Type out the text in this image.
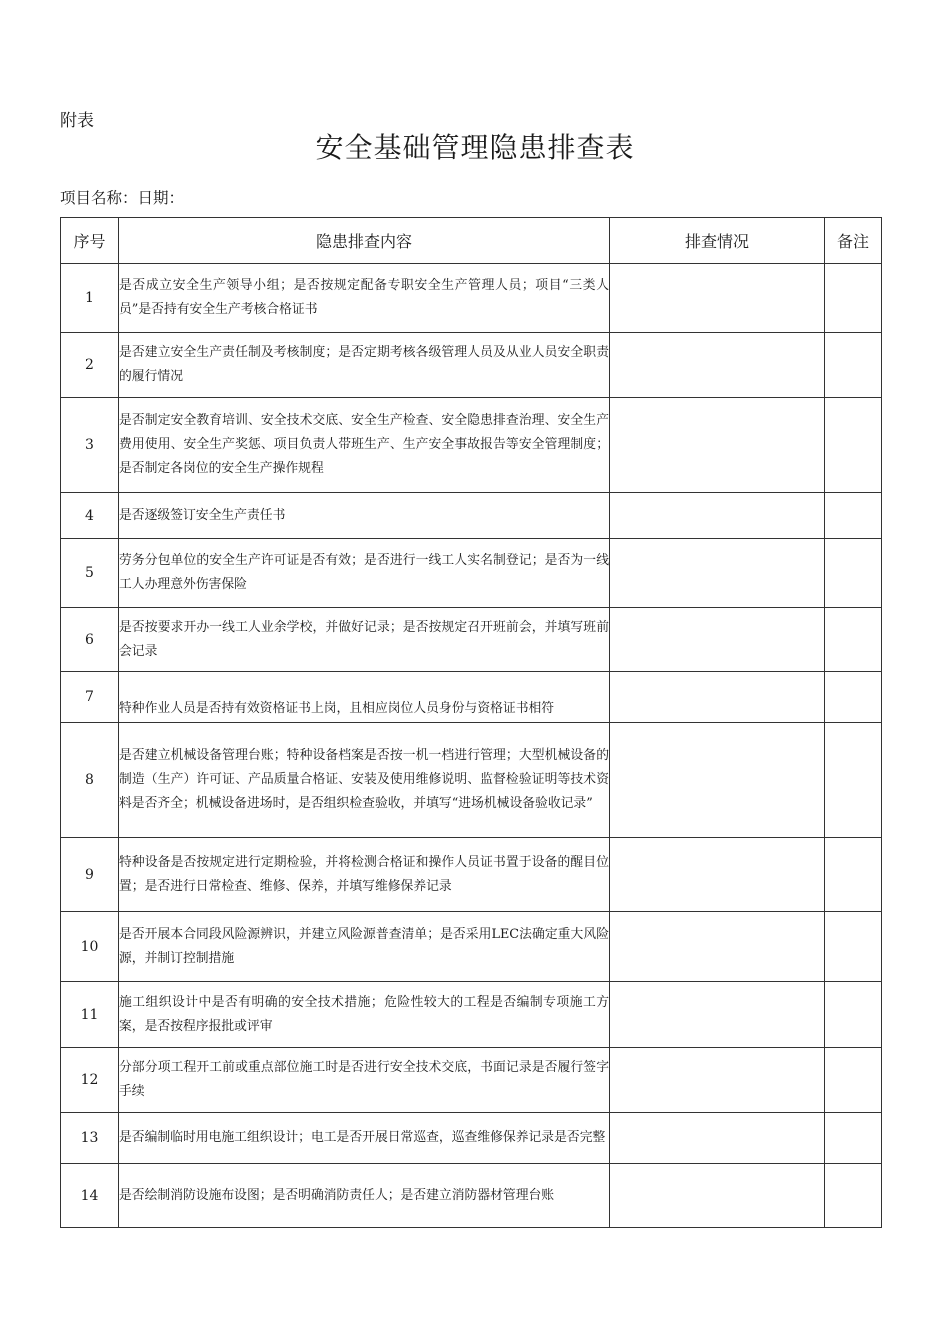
附表
安全基础管理隐患排查表
项目名称：日期：
序号	隐患排查内容	排查情况	备注
1	是否成立安全生产领导小组；是否按规定配备专职安全生产管理人员；项目“三类人员”是否持有安全生产考核合格证书		
2	是否建立安全生产责任制及考核制度；是否定期考核各级管理人员及从业人员安全职责的履行情况		
3	是否制定安全教育培训、安全技术交底、安全生产检查、安全隐患排查治理、安全生产费用使用、安全生产奖惩、项目负责人带班生产、生产安全事故报告等安全管理制度；是否制定各岗位的安全生产操作规程		
4	是否逐级签订安全生产责任书		
5	劳务分包单位的安全生产许可证是否有效；是否进行一线工人实名制登记；是否为一线工人办理意外伤害保险		
6	是否按要求开办一线工人业余学校，并做好记录；是否按规定召开班前会，并填写班前会记录		
7	特种作业人员是否持有效资格证书上岗，且相应岗位人员身份与资格证书相符		
8	是否建立机械设备管理台账；特种设备档案是否按一机一档进行管理；大型机械设备的制造（生产）许可证、产品质量合格证、安装及使用维修说明、监督检验证明等技术资料是否齐全；机械设备进场时，是否组织检查验收，并填写“进场机械设备验收记录”		
9	特种设备是否按规定进行定期检验，并将检测合格证和操作人员证书置于设备的醒目位置；是否进行日常检查、维修、保养，并填写维修保养记录		
10	是否开展本合同段风险源辨识，并建立风险源普查清单；是否采用LEC法确定重大风险源，并制订控制措施		
11	施工组织设计中是否有明确的安全技术措施；危险性较大的工程是否编制专项施工方案，是否按程序报批或评审		
12	分部分项工程开工前或重点部位施工时是否进行安全技术交底，书面记录是否履行签字手续		
13	是否编制临时用电施工组织设计；电工是否开展日常巡查，巡查维修保养记录是否完整		
14	是否绘制消防设施布设图；是否明确消防责任人；是否建立消防器材管理台账		
